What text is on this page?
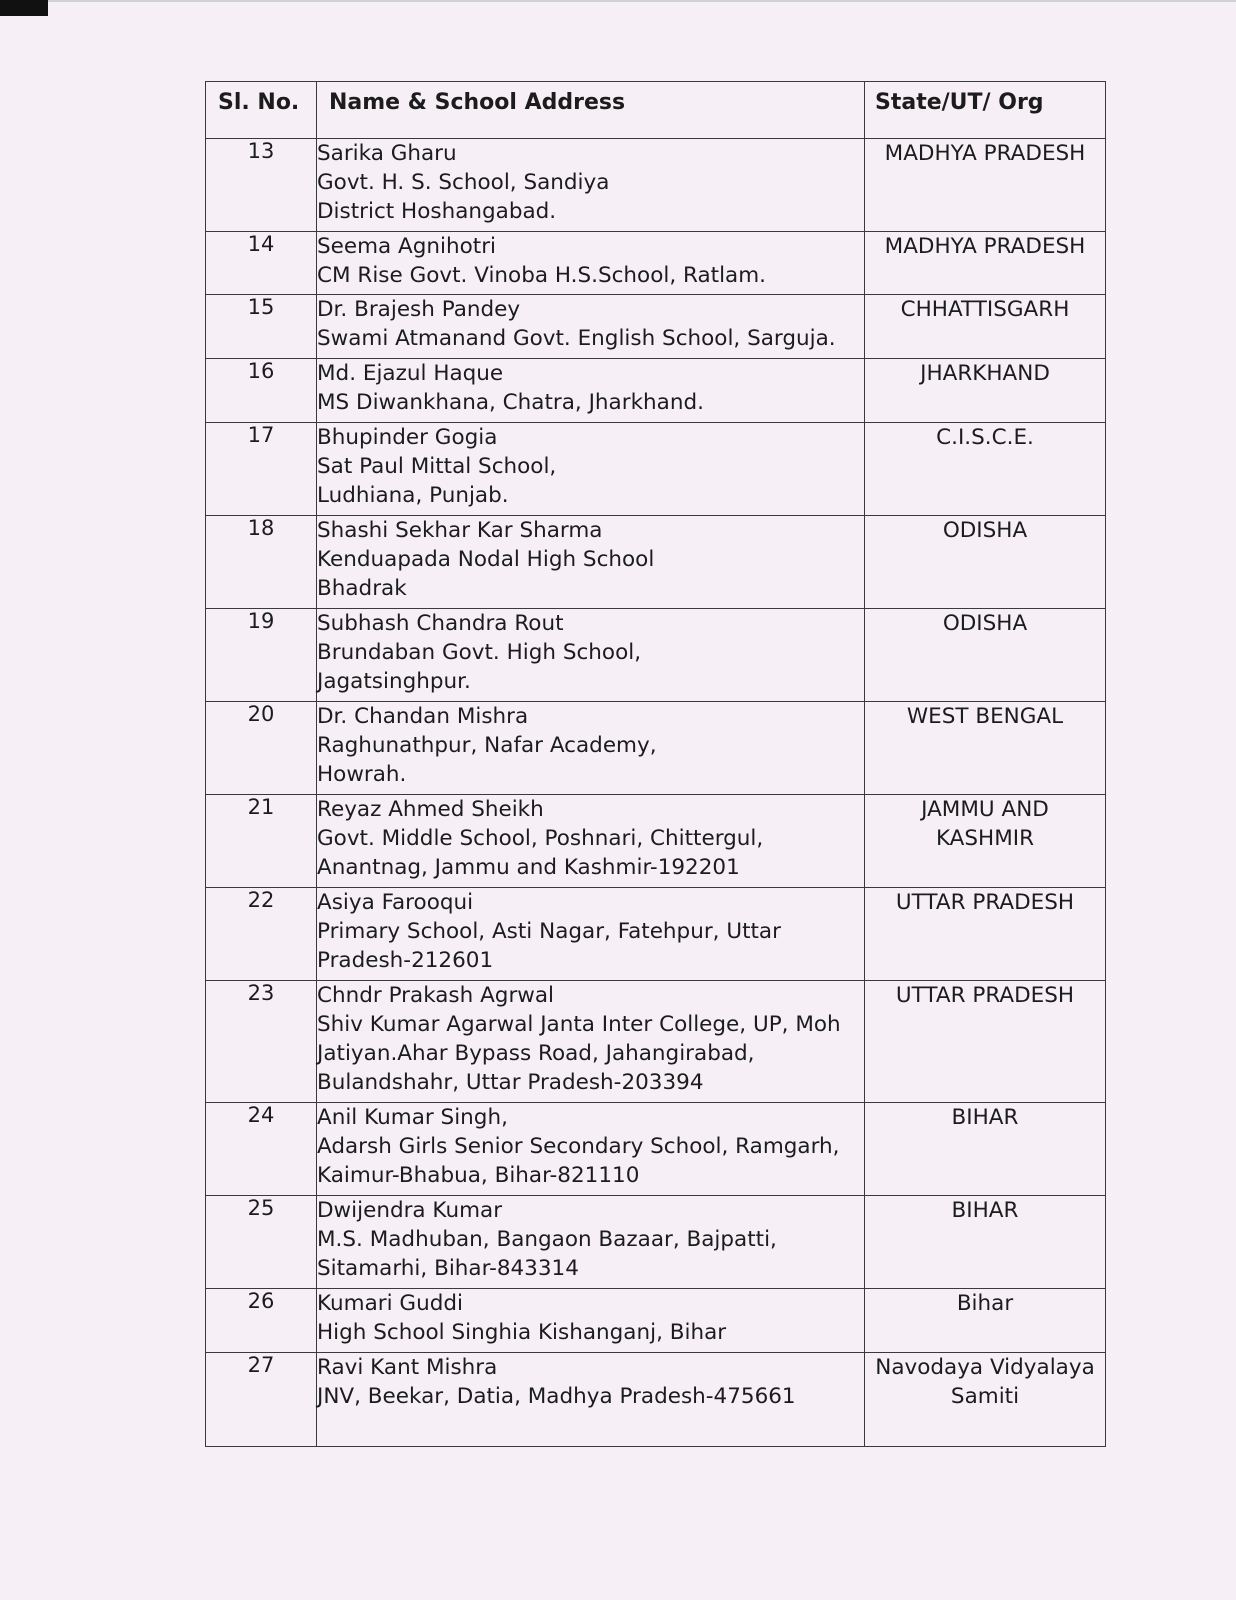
Sl. No.	Name & School Address	State/UT/ Org
13	Sarika Gharu
Govt. H. S. School, Sandiya
District Hoshangabad.	MADHYA PRADESH

14	Seema Agnihotri
CM Rise Govt. Vinoba H.S.School, Ratlam.	MADHYA PRADESH

15	Dr. Brajesh Pandey
Swami Atmanand Govt. English School, Sarguja.	CHHATTISGARH

16	Md. Ejazul Haque
MS Diwankhana, Chatra, Jharkhand.	JHARKHAND

17	Bhupinder Gogia
Sat Paul Mittal School,
Ludhiana, Punjab.	C.I.S.C.E.

18	Shashi Sekhar Kar Sharma
Kenduapada Nodal High School
Bhadrak	ODISHA

19	Subhash Chandra Rout
Brundaban Govt. High School,
Jagatsinghpur.	ODISHA

20	Dr. Chandan Mishra
Raghunathpur, Nafar Academy,
Howrah.	WEST BENGAL

21	Reyaz Ahmed Sheikh
Govt. Middle School, Poshnari, Chittergul,
Anantnag, Jammu and Kashmir-192201	JAMMU AND
KASHMIR

22	Asiya Farooqui
Primary School, Asti Nagar, Fatehpur, Uttar
Pradesh-212601	UTTAR PRADESH

23	Chndr Prakash Agrwal
Shiv Kumar Agarwal Janta Inter College, UP, Moh
Jatiyan.Ahar Bypass Road, Jahangirabad,
Bulandshahr, Uttar Pradesh-203394	UTTAR PRADESH

24	Anil Kumar Singh,
Adarsh Girls Senior Secondary School, Ramgarh,
Kaimur-Bhabua, Bihar-821110	BIHAR

25	Dwijendra Kumar
M.S. Madhuban, Bangaon Bazaar, Bajpatti,
Sitamarhi, Bihar-843314	BIHAR

26	Kumari Guddi
High School Singhia Kishanganj, Bihar	Bihar

27	Ravi Kant Mishra
JNV, Beekar, Datia, Madhya Pradesh-475661	Navodaya Vidyalaya
Samiti
